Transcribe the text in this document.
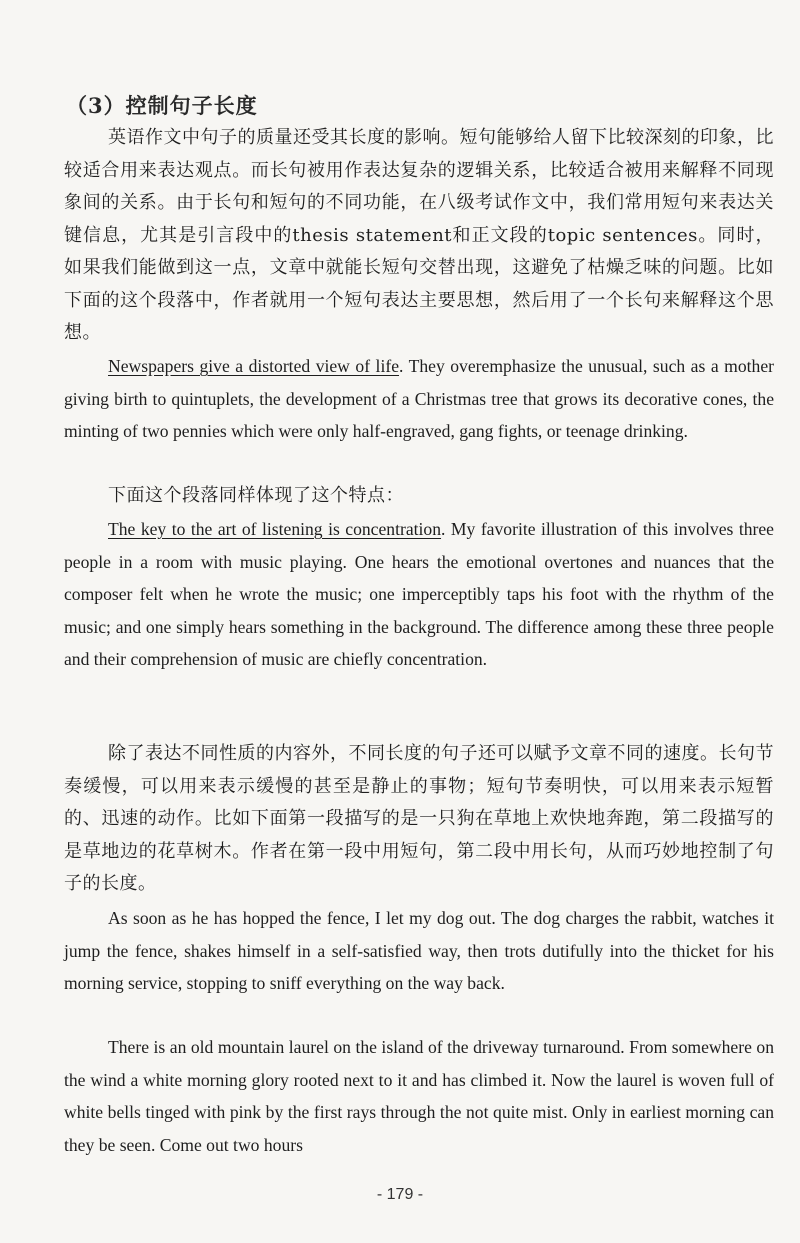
（3）控制句子长度

英语作文中句子的质量还受其长度的影响。短句能够给人留下比较深刻的印象，比较适合用来表达观点。而长句被用作表达复杂的逻辑关系，比较适合被用来解释不同现象间的关系。由于长句和短句的不同功能，在八级考试作文中，我们常用短句来表达关键信息，尤其是引言段中的thesis statement和正文段的topic sentences。同时，如果我们能做到这一点，文章中就能长短句交替出现，这避免了枯燥乏味的问题。比如下面的这个段落中，作者就用一个短句表达主要思想，然后用了一个长句来解释这个思想。

Newspapers give a distorted view of life. They overemphasize the unusual, such as a mother giving birth to quintuplets, the development of a Christmas tree that grows its decorative cones, the minting of two pennies which were only half-engraved, gang fights, or teenage drinking.

下面这个段落同样体现了这个特点：

The key to the art of listening is concentration. My favorite illustration of this involves three people in a room with music playing. One hears the emotional overtones and nuances that the composer felt when he wrote the music; one imperceptibly taps his foot with the rhythm of the music; and one simply hears something in the background. The difference among these three people and their comprehension of music are chiefly concentration.

除了表达不同性质的内容外，不同长度的句子还可以赋予文章不同的速度。长句节奏缓慢，可以用来表示缓慢的甚至是静止的事物；短句节奏明快，可以用来表示短暂的、迅速的动作。比如下面第一段描写的是一只狗在草地上欢快地奔跑，第二段描写的是草地边的花草树木。作者在第一段中用短句，第二段中用长句，从而巧妙地控制了句子的长度。

As soon as he has hopped the fence, I let my dog out. The dog charges the rabbit, watches it jump the fence, shakes himself in a self-satisfied way, then trots dutifully into the thicket for his morning service, stopping to sniff everything on the way back.

There is an old mountain laurel on the island of the driveway turnaround. From somewhere on the wind a white morning glory rooted next to it and has climbed it. Now the laurel is woven full of white bells tinged with pink by the first rays through the not quite mist. Only in earliest morning can they be seen. Come out two hours

- 179 -
